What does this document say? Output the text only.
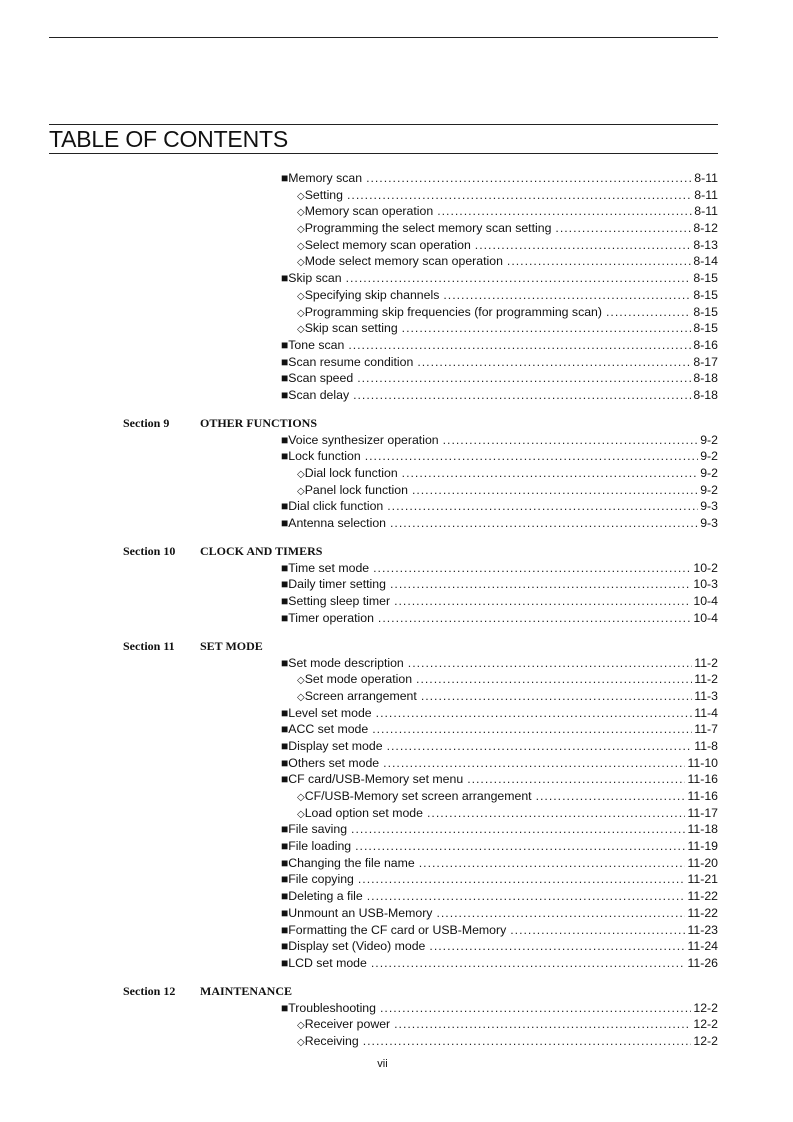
TABLE OF CONTENTS
■ Memory scan .....	8-11
◇ Setting .....	8-11
◇ Memory scan operation .....	8-11
◇ Programming the select memory scan setting .....	8-12
◇ Select memory scan operation .....	8-13
◇ Mode select memory scan operation .....	8-14
■ Skip scan .....	8-15
◇ Specifying skip channels .....	8-15
◇ Programming skip frequencies (for programming scan) .....	8-15
◇ Skip scan setting .....	8-15
■ Tone scan .....	8-16
■ Scan resume condition .....	8-17
■ Scan speed .....	8-18
■ Scan delay .....	8-18
Section 9	OTHER FUNCTIONS
■ Voice synthesizer operation .....	9-2
■ Lock function .....	9-2
◇ Dial lock function .....	9-2
◇ Panel lock function .....	9-2
■ Dial click function .....	9-3
■ Antenna selection .....	9-3
Section 10 CLOCK AND TIMERS
■ Time set mode .....	10-2
■ Daily timer setting .....	10-3
■ Setting sleep timer .....	10-4
■ Timer operation .....	10-4
Section 11 SET MODE
■ Set mode description .....	11-2
◇ Set mode operation .....	11-2
◇ Screen arrangement .....	11-3
■ Level set mode .....	11-4
■ ACC set mode .....	11-7
■ Display set mode .....	11-8
■ Others set mode .....	11-10
■ CF card/USB-Memory set menu .....	11-16
◇ CF/USB-Memory set screen arrangement .....	11-16
◇ Load option set mode .....	11-17
■ File saving .....	11-18
■ File loading .....	11-19
■ Changing the file name .....	11-20
■ File copying .....	11-21
■ Deleting a file .....	11-22
■ Unmount an USB-Memory .....	11-22
■ Formatting the CF card or USB-Memory .....	11-23
■ Display set (Video) mode .....	11-24
■ LCD set mode .....	11-26
Section 12 MAINTENANCE
■ Troubleshooting .....	12-2
◇ Receiver power .....	12-2
◇ Receiving .....	12-2
vii
